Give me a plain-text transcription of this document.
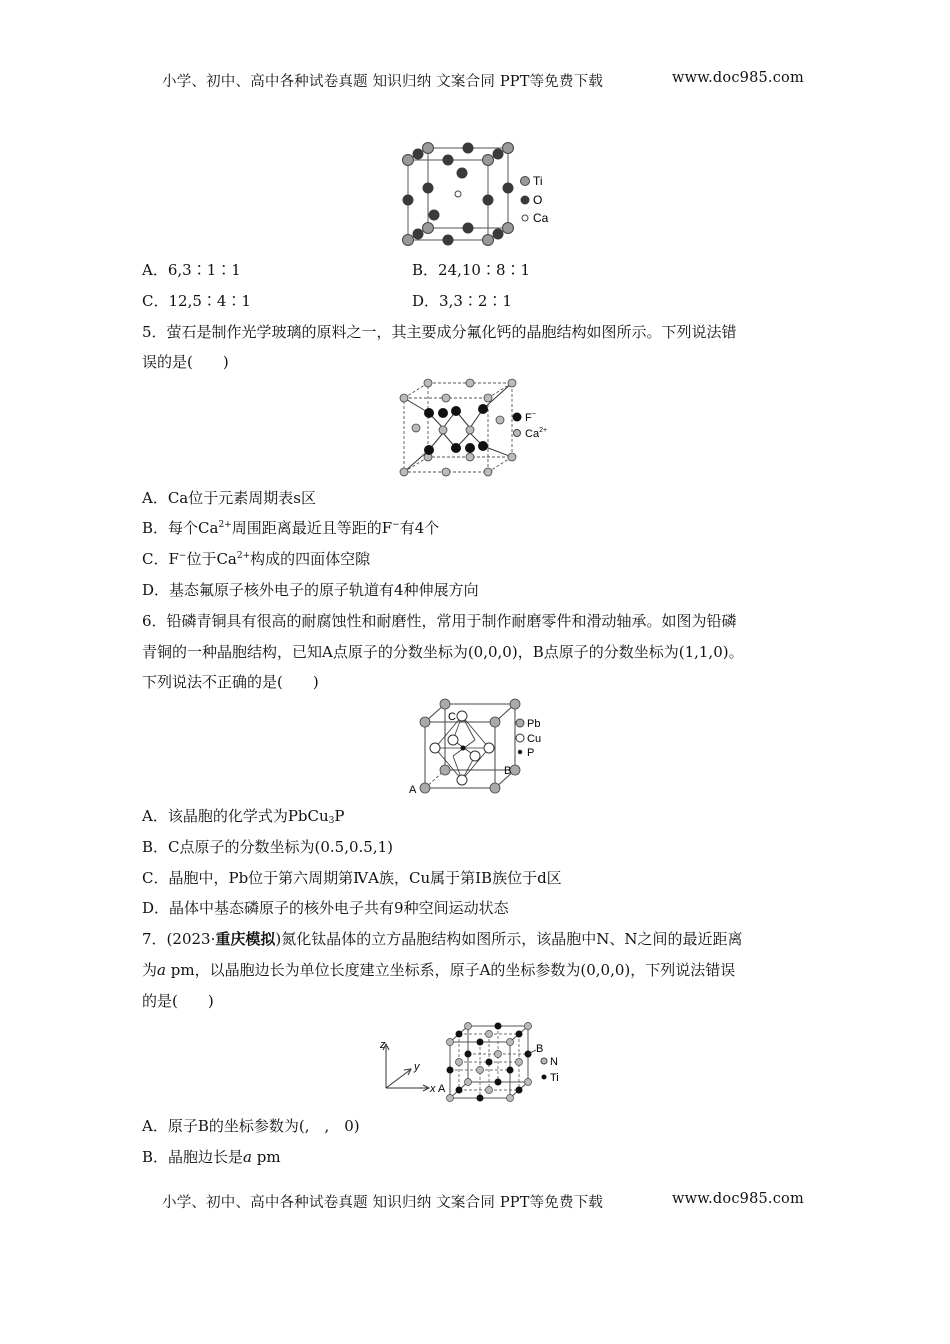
小学、初中、高中各种试卷真题 知识归纳 文案合同 PPT等免费下载	www.doc985.com
Ti
O
Ca
A．6,3∶1∶1	B．24,10∶8∶1
C．12,5∶4∶1	D．3,3∶2∶1
5．萤石是制作光学玻璃的原料之一，其主要成分氟化钙的晶胞结构如图所示。下列说法错
误的是(　　)
F−
$Ca^{2+}$
A．Ca位于元素周期表s区
B．每个$Ca^{2+}$周围距离最近且等距的F−有4个
C．F−位于$Ca^{2+}$构成的四面体空隙
D．基态氟原子核外电子的原子轨道有4种伸展方向
6．铅磷青铜具有很高的耐腐蚀性和耐磨性，常用于制作耐磨零件和滑动轴承。如图为铅磷
青铜的一种晶胞结构，已知A点原子的分数坐标为(0,0,0)，B点原子的分数坐标为(1,1,0)。
下列说法不正确的是(　　)
C
A
B
Pb
Cu
P
A．该晶胞的化学式为PbCu$_3$P
B．C点原子的分数坐标为(0.5,0.5,1)
C．晶胞中，Pb位于第六周期第ⅣA族，Cu属于第ⅠB族位于d区
D．晶体中基态磷原子的核外电子共有9种空间运动状态
7．(2023·重庆模拟)氮化钛晶体的立方晶胞结构如图所示，该晶胞中N、N之间的最近距离
为a pm，以晶胞边长为单位长度建立坐标系，原子A的坐标参数为(0,0,0)，下列说法错误
的是(　　)
z
x
y
B
A
N
Ti
A．原子B的坐标参数为(,　,　0)
B．晶胞边长是a pm
小学、初中、高中各种试卷真题 知识归纳 文案合同 PPT等免费下载	www.doc985.com
